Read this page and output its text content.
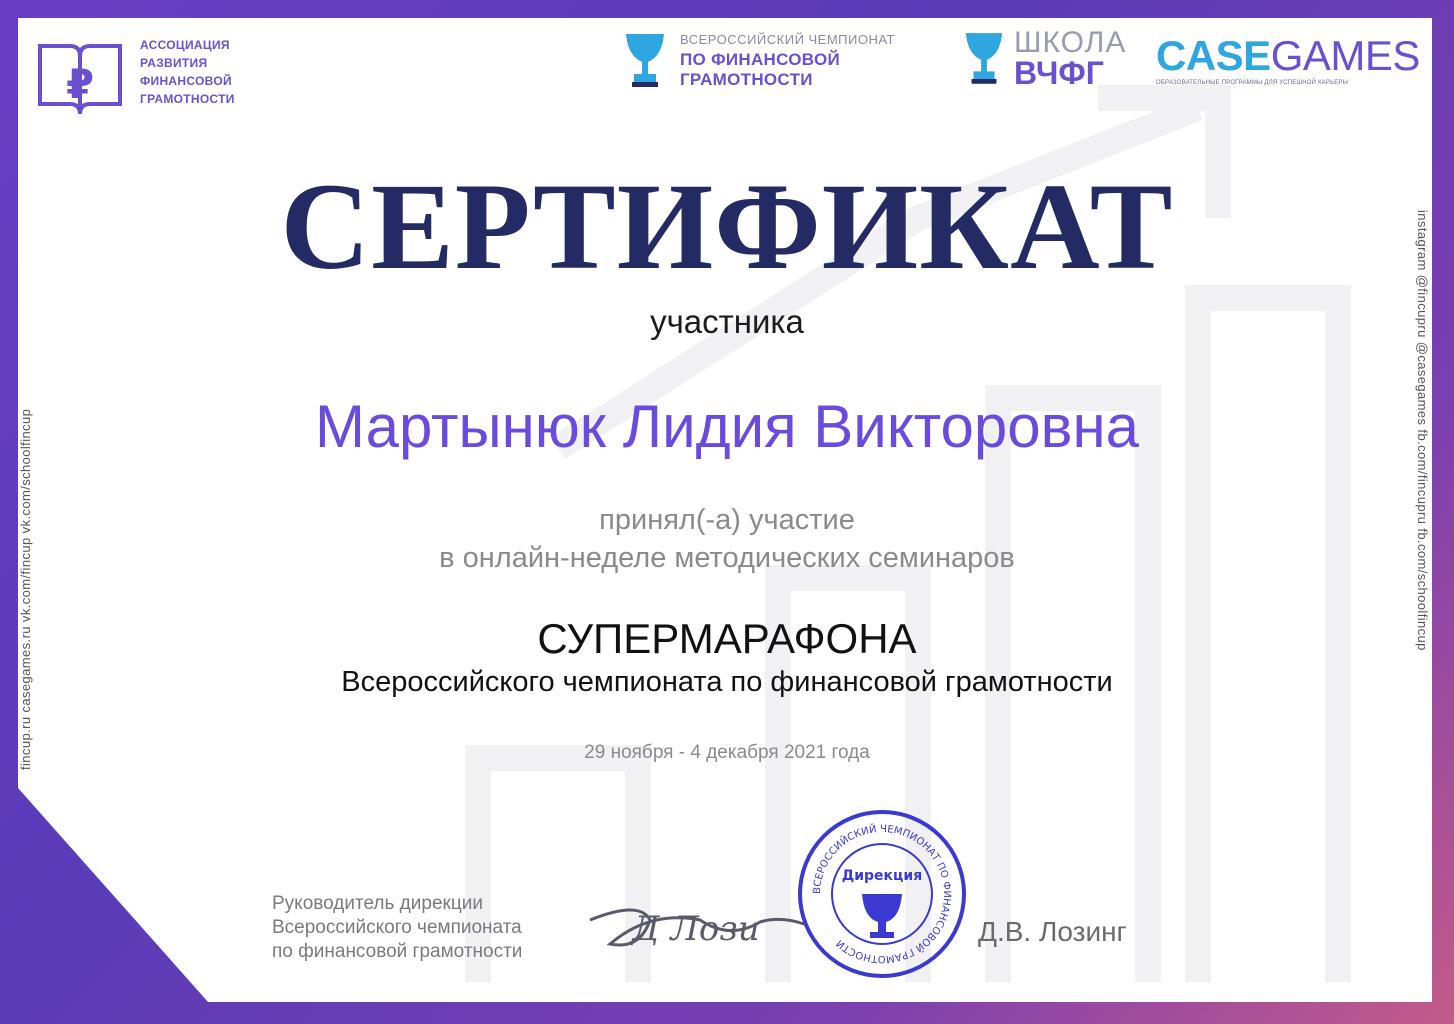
₽
АССОЦИАЦИЯ
РАЗВИТИЯ
ФИНАНСОВОЙ
ГРАМОТНОСТИ
ВСЕРОССИЙСКИЙ ЧЕМПИОНАТ
ПО ФИНАНСОВОЙ
ГРАМОТНОСТИ
ШКОЛА
ВЧФГ	CASEGAMES
ОБРАЗОВАТЕЛЬНЫЕ ПРОГРАММЫ ДЛЯ УСПЕШНОЙ КАРЬЕРЫ
СЕРТИФИКАТ
участника
Мартынюк Лидия Викторовна
принял(-а) участие
в онлайн-неделе методических семинаров
СУПЕРМАРАФОНА
Всероссийского чемпионата по финансовой грамотности
29 ноября - 4 декабря 2021 года
Руководитель дирекции
Всероссийского чемпионата
по финансовой грамотности
Д Лози
ВСЕРОССИЙСКИЙ ЧЕМПИОНАТ ПО ФИНАНСОВОЙ ГРАМОТНОСТИ
Дирекция
Д.В. Лозинг
fincup.ru casegames.ru vk.com/fincup vk.com/schoolfincup	instagram @fincupru @casegames fb.com/fincupru fb.com/schoolfincup
